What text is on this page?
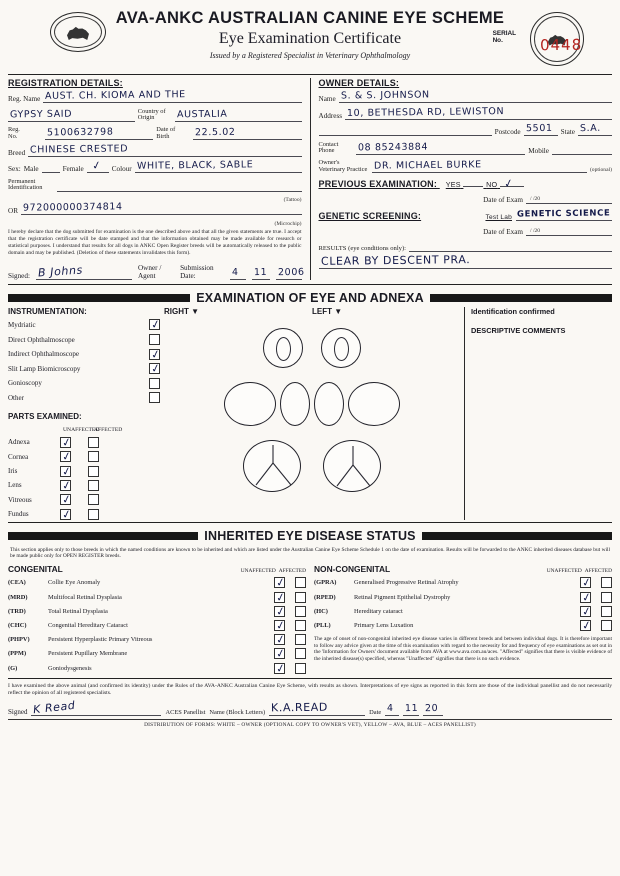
AVA-ANKC AUSTRALIAN CANINE EYE SCHEME
Eye Examination Certificate
Issued by a Registered Specialist in Veterinary Ophthalmology
SERIAL
No.	0448
REGISTRATION DETAILS:
Reg. Name AUST. CH. KIOMA AND THE
GYPSY SAID	Country of
Origin	AUSTALIA
Reg.
No.	5100632798	Date of
Birth	22.5.02
Breed CHINESE CRESTED
Sex: Male	Female ✓ Colour WHITE, BLACK, SABLE
Permanent
Identification
(Tattoo)
OR 972000000374814
(Microchip)
I hereby declare that the dog submitted for examination is the one described above and that all the given statements are true. I accept that the registration certificate will be date stamped and that the information obtained may be made available for research or statistical purposes. I understand that results for all dogs in ANKC Open Register breeds will be automatically released to the public domain and may be published. (Deletion of these statements invalidates this form).
Signed: B Johns	Owner / Agent
Submission Date:	4 11 2006
OWNER DETAILS:
Name S. & S. JOHNSON
Address 10, BETHESDA RD, LEWISTON
Postcode 5501 State S.A.
Contact
Phone	08 85243884	Mobile
Owner's
Veterinary Practice DR. MICHAEL BURKE	(optional)
PREVIOUS EXAMINATION: YES	NO ✓
Date of Exam / /20
GENETIC SCREENING:	Test Lab GENETIC SCIENCE
Date of Exam / /20
RESULTS (eye conditions only):
CLEAR BY DESCENT PRA.
EXAMINATION OF EYE AND ADNEXA
INSTRUMENTATION:
Mydriatic	✓
Direct Ophthalmoscope
Indirect Ophthalmoscope	✓
Slit Lamp Biomicroscopy	✓
Gonioscopy
Other
PARTS EXAMINED:
UNAFFECTED
AFFECTED
Adnexa	✓
Cornea	✓
Iris	✓
Lens	✓
Vitreous	✓
Fundus	✓
RIGHT ▼	LEFT ▼	Identification confirmed
DESCRIPTIVE COMMENTS
INHERITED EYE DISEASE STATUS
This section applies only to those breeds in which the named conditions are known to be inherited and which are listed under the Australian Canine Eye Scheme Schedule 1 on the date of examination. Results will be forwarded to the ANKC inherited diseases database but will be made public only for OPEN REGISTER breeds.
CONGENITAL	UNAFFECTED AFFECTED
(CEA)	Collie Eye Anomaly	✓
(MRD)	Multifocal Retinal Dysplasia	✓
(TRD)	Total Retinal Dysplasia	✓
(CHC)	Congenital Hereditary Cataract	✓
(PHPV)	Persistent Hyperplastic Primary Vitreous	✓
(PPM)	Persistent Pupillary Membrane	✓
(G)	Goniodysgenesis	✓
NON-CONGENITAL	UNAFFECTED AFFECTED
(GPRA)	Generalised Progressive Retinal Atrophy	✓
(RPED)	Retinal Pigment Epithelial Dystrophy	✓
(HC)	Hereditary cataract	✓
(PLL)	Primary Lens Luxation	✓
The age of onset of non-congenital inherited eye disease varies in different breeds and between individual dogs. It is therefore important to follow any advice given at the time of this examination with regard to the necessity for and frequency of eye examinations as set out in the 'Information for Owners' document available from AVA at www.ava.com.au/aces. "Affected" signifies that there is visible evidence of the inherited disease(s) specified, whereas "Unaffected" signifies that there is no such evidence.
I have examined the above animal (and confirmed its identity) under the Rules of the AVA-ANKC Australian Canine Eye Scheme, with results as shown. Interpretations of eye signs as reported in this form are those of the individual panellist and do not necessarily reflect the opinion of all registered specialists.
Signed K Read	ACES Panellist Name (Block Letters) K.A.READ	Date 4 11 20
DISTRIBUTION OF FORMS: WHITE – OWNER (OPTIONAL COPY TO OWNER'S VET), YELLOW – AVA, BLUE – ACES PANELLIST)
